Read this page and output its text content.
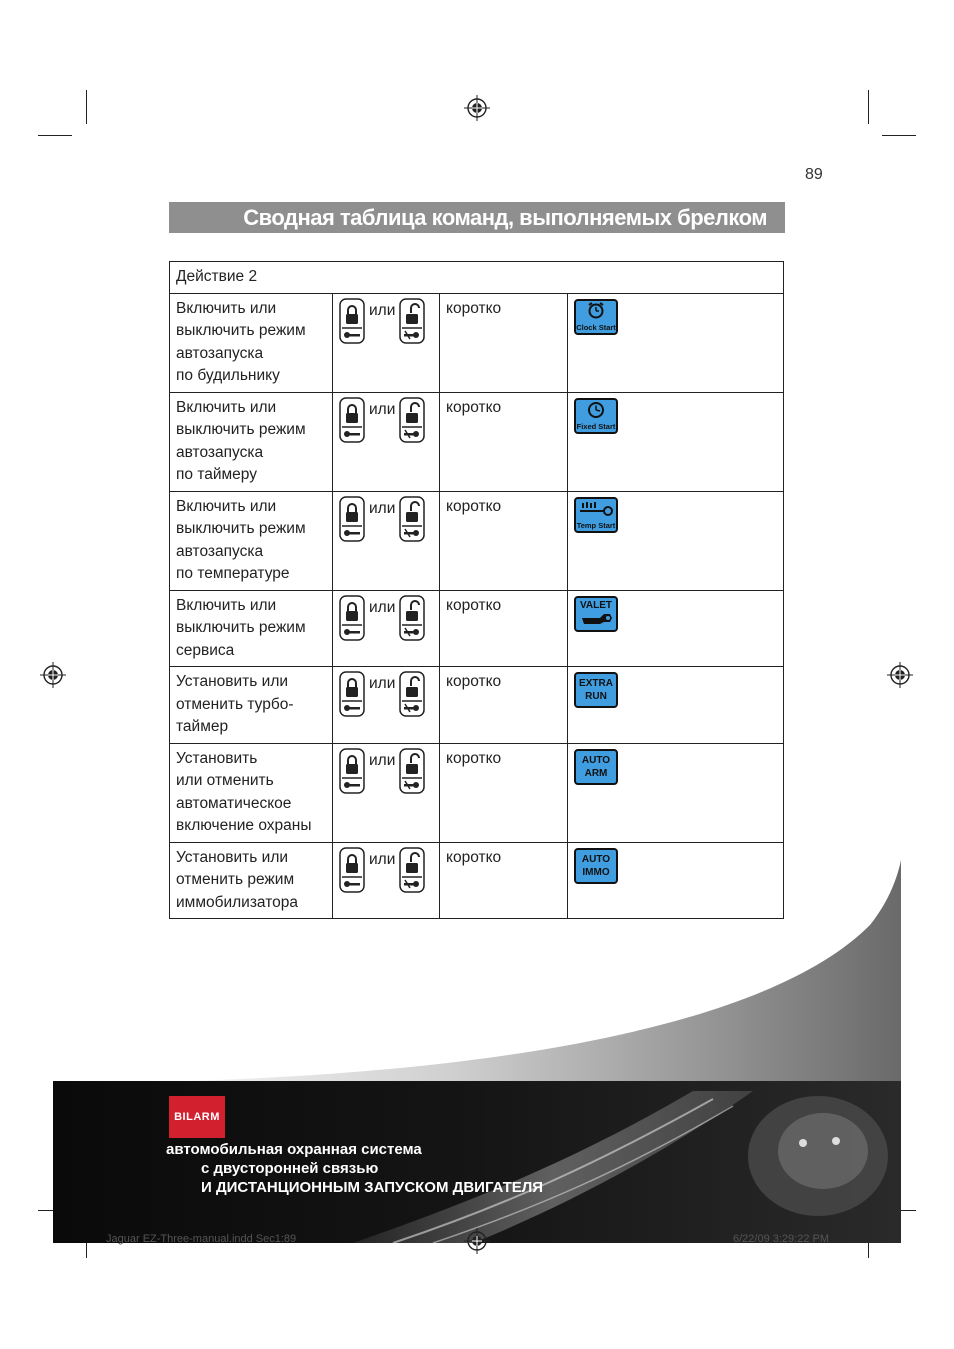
89
Сводная таблица команд, выполняемых брелком
Действие 2			
Включить или
выключить режим
автозапуска
по будильнику	или	коротко	Clock Start

Включить или
выключить режим
автозапуска
по таймеру	или	коротко	Fixed Start

Включить или
выключить режим
автозапуска
по температуре	или	коротко	Temp Start

Включить или
выключить режим
сервиса	или	коротко	VALET

Установить или
отменить турбо-
таймер	или	коротко	EXTRA
RUN

Установить
или отменить
автоматическое
включение охраны	или	коротко	AUTO
ARM

Установить или
отменить режим
иммобилизатора	или	коротко	AUTO
IMMO
BILARM
автомобильная охранная система
с двусторонней связью
И ДИСТАНЦИОННЫМ ЗАПУСКОМ ДВИГАТЕЛЯ
Jaguar EZ-Three-manual.indd Sec1:89	6/22/09 3:29:22 PM
